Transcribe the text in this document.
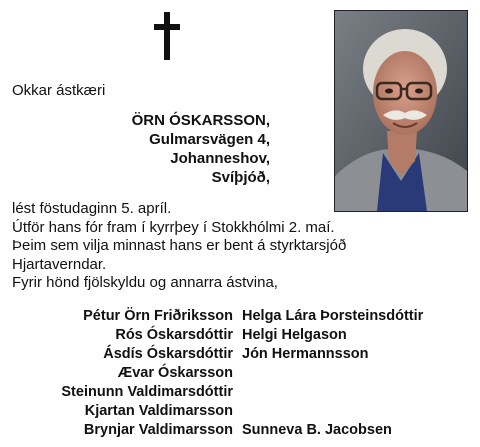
Okkar ástkæri
ÖRN ÓSKARSSON,
Gulmarsvägen 4,
Johanneshov,
Svíþjóð,
lést föstudaginn 5. apríl.
Útför hans fór fram í kyrrþey í Stokkhólmi 2. maí.
Þeim sem vilja minnast hans er bent á styrktarsjóð
Hjartaverndar.
Fyrir hönd fjölskyldu og annarra ástvina,
Pétur Örn Friðriksson
Rós Óskarsdóttir
Ásdís Óskarsdóttir
Ævar Óskarsson
Steinunn Valdimarsdóttir
Kjartan Valdimarsson
Brynjar Valdimarsson
Helga Lára Þorsteinsdóttir
Helgi Helgason
Jón Hermannsson
Sunneva B. Jacobsen
